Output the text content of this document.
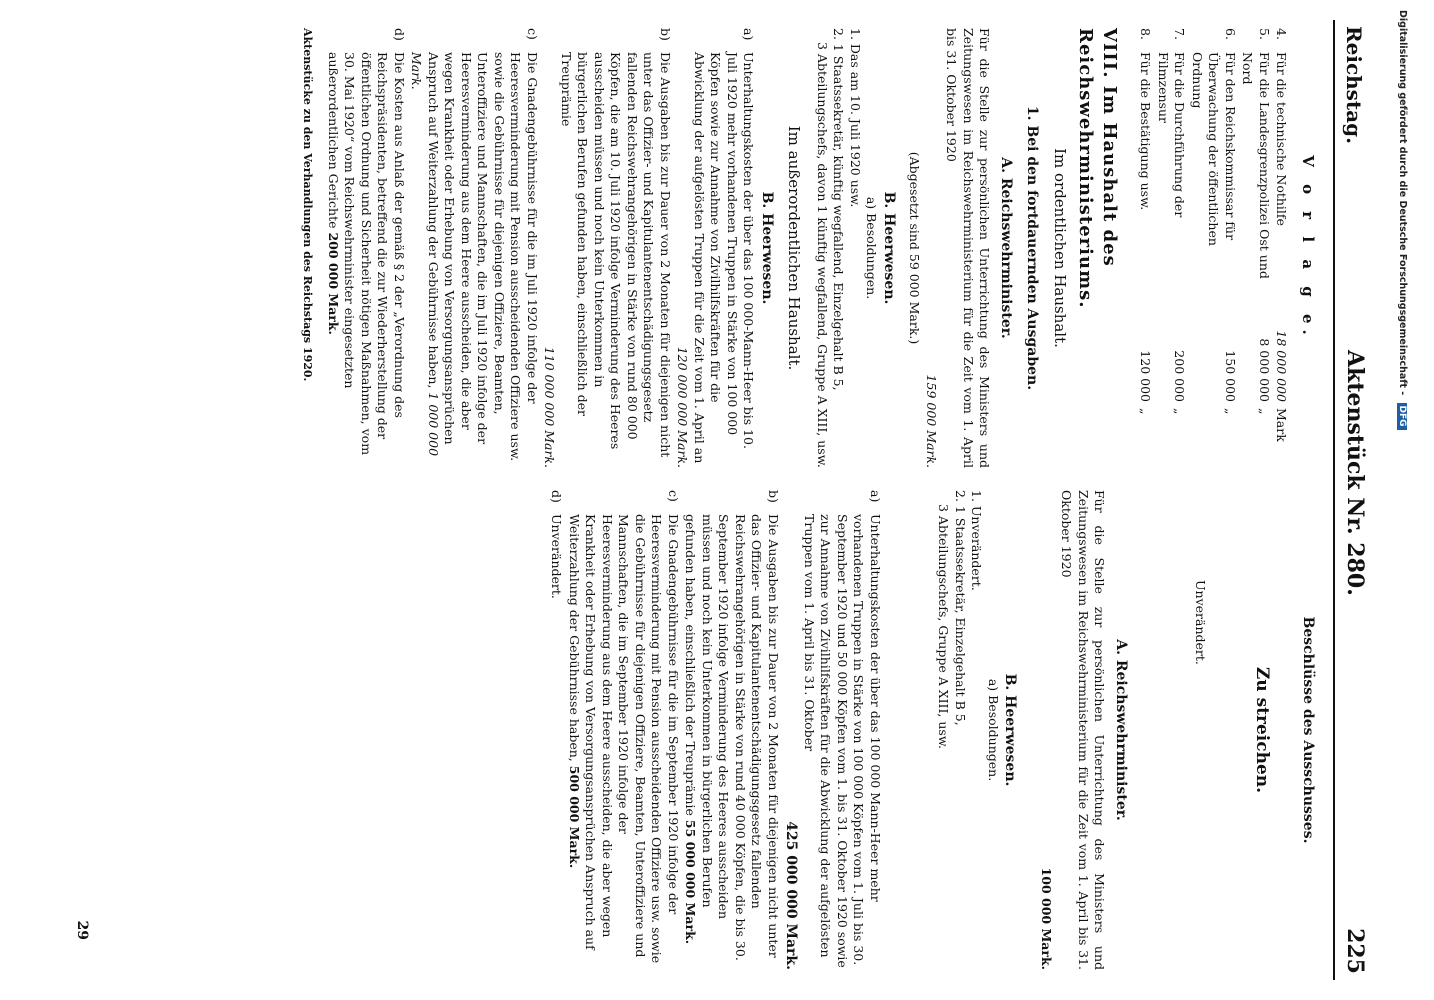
Reichstag.
Aktenstück Nr. 280.
225
V o r l a g e.
4.
Für die technische Nothilfe
18 000 000
Mark
5.
Für die Landesgrenzpolizei Ost und Nord
8 000 000
„
6.
Für den Reichskommissar für Überwachung der öffentlichen Ordnung
150 000
„
7.
Für die Durchführung der Filmzensur
200 000
„
8.
Für die Bestätigung usw.
120 000
„
VIII. Im Haushalt des Reichswehrministeriums.
Im ordentlichen Haushalt.
1. Bei den fortdauernden Ausgaben.
A. Reichswehrminister.

Für die Stelle zur persönlichen Unterrichtung des Ministers und Zeitungswesen im Reichswehrministerium für die Zeit vom 1. April bis 31. Oktober 1920

159 000 Mark.
(Abgesetzt sind 59 000 Mark.)
B. Heerwesen.
a) Besoldungen.
1. Das am 10. Juli 1920 usw.
2. 1 Staatssekretär, künftig wegfallend, Einzelgehalt B 5,
3 Abteilungschefs, davon 1 künftig wegfallend, Gruppe A XIII, usw.
Im außerordentlichen Haushalt.
B. Heerwesen.
a)
Unterhaltungskosten der über das 100 000-Mann-Heer bis 10. Juli 1920 mehr vorhandenen Truppen in Stärke von 100 000 Köpfen sowie zur Annahme von Zivilhilfskräften für die Abwicklung der aufgelösten Truppen für die Zeit vom 1. April an
120 000 000 Mark.
b)
Die Ausgaben bis zur Dauer von 2 Monaten für diejenigen nicht unter das Offizier- und Kapitulantenentschädigungsgesetz fallenden Reichswehrangehörigen in Stärke von rund 80 000 Köpfen, die am 10. Juli 1920 infolge Verminderung des Heeres ausscheiden müssen und noch kein Unterkommen in bürgerlichen Berufen gefunden haben, einschließlich der Treuprämie
110 000 000 Mark.
c)
Die Gnadengebührnisse für die im Juli 1920 infolge der Heeresverminderung mit Pension ausscheidenden Offiziere usw. sowie die Gebührnisse für diejenigen Offiziere, Beamten, Unteroffiziere und Mannschaften, die im Juli 1920 infolge der Heeresverminderung aus dem Heere ausscheiden, die aber wegen Krankheit oder Erhebung von Versorgungsansprüchen Anspruch auf Weiterzahlung der Gebührnisse haben, 1 000 000 Mark.
d)
Die Kosten aus Anlaß der gemäß § 2 der „Verordnung des Reichspräsidenten, betreffend die zur Wiederherstellung der öffentlichen Ordnung und Sicherheit nötigen Maßnahmen, vom 30. Mai 1920“ vom Reichswehrminister eingesetzten außerordentlichen Gerichte 200 000 Mark.
Aktenstücke zu den Verhandlungen des Reichstags 1920.
Beschlüsse des Ausschusses.
Zu streichen.
Unverändert.
A. Reichswehrminister.

Für die Stelle zur persönlichen Unterrichtung des Ministers und Zeitungswesen im Reichswehrministerium für die Zeit vom 1. April bis 31. Oktober 1920

100 000 Mark.
B. Heerwesen.
a) Besoldungen.
1. Unverändert.
2. 1 Staatssekretär, Einzelgehalt B 5,
3 Abteilungschefs, Gruppe A XIII, usw.
a)
Unterhaltungskosten der über das 100 000 Mann-Heer mehr vorhandenen Truppen in Stärke von 100 000 Köpfen vom 1. Juli bis 30. September 1920 und 50 000 Köpfen vom 1. bis 31. Oktober 1920 sowie zur Annahme von Zivilhilfskräften für die Abwicklung der aufgelösten Truppen vom 1. April bis 31. Oktober
425 000 000 Mark.
b)
Die Ausgaben bis zur Dauer von 2 Monaten für diejenigen nicht unter das Offizier- und Kapitulantenentschädigungsgesetz fallenden Reichswehrangehörigen in Stärke von rund 40 000 Köpfen, die bis 30. September 1920 infolge Verminderung des Heeres ausscheiden müssen und noch kein Unterkommen in bürgerlichen Berufen gefunden haben, einschließlich der Treuprämie 55 000 000 Mark.
c)
Die Gnadengebührnisse für die im September 1920 infolge der Heeresverminderung mit Pension ausscheidenden Offiziere usw. sowie die Gebührnisse für diejenigen Offiziere, Beamten, Unteroffiziere und Mannschaften, die im September 1920 infolge der Heeresverminderung aus dem Heere ausscheiden, die aber wegen Krankheit oder Erhebung von Versorgungsansprüchen Anspruch auf Weiterzahlung der Gebührnisse haben, 500 000 Mark.
d)
Unverändert.
29
Digitalisierung gefördert durch die Deutsche Forschungsgemeinschaft - DFG
